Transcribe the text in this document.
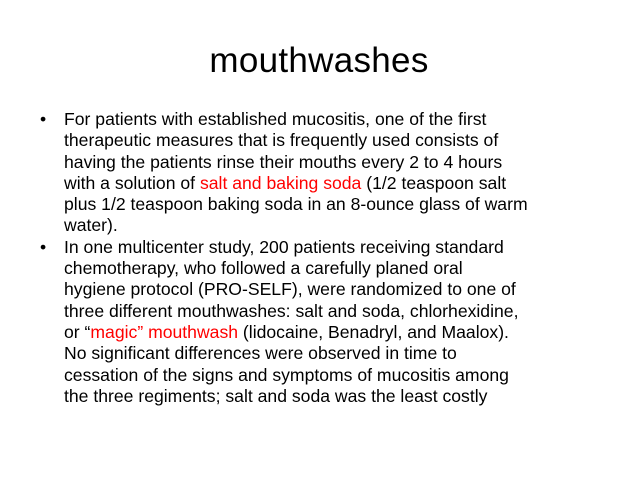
mouthwashes
•	For patients with established mucositis, one of the first
therapeutic measures that is frequently used consists of
having the patients rinse their mouths every 2 to 4 hours
with a solution of salt and baking soda (1/2 teaspoon salt
plus 1/2 teaspoon baking soda in an 8-ounce glass of warm
water).
•	In one multicenter study, 200 patients receiving standard
chemotherapy, who followed a carefully planed oral
hygiene protocol (PRO-SELF), were randomized to one of
three different mouthwashes: salt and soda, chlorhexidine,
or “magic” mouthwash (lidocaine, Benadryl, and Maalox).
No significant differences were observed in time to
cessation of the signs and symptoms of mucositis among
the three regiments; salt and soda was the least costly
